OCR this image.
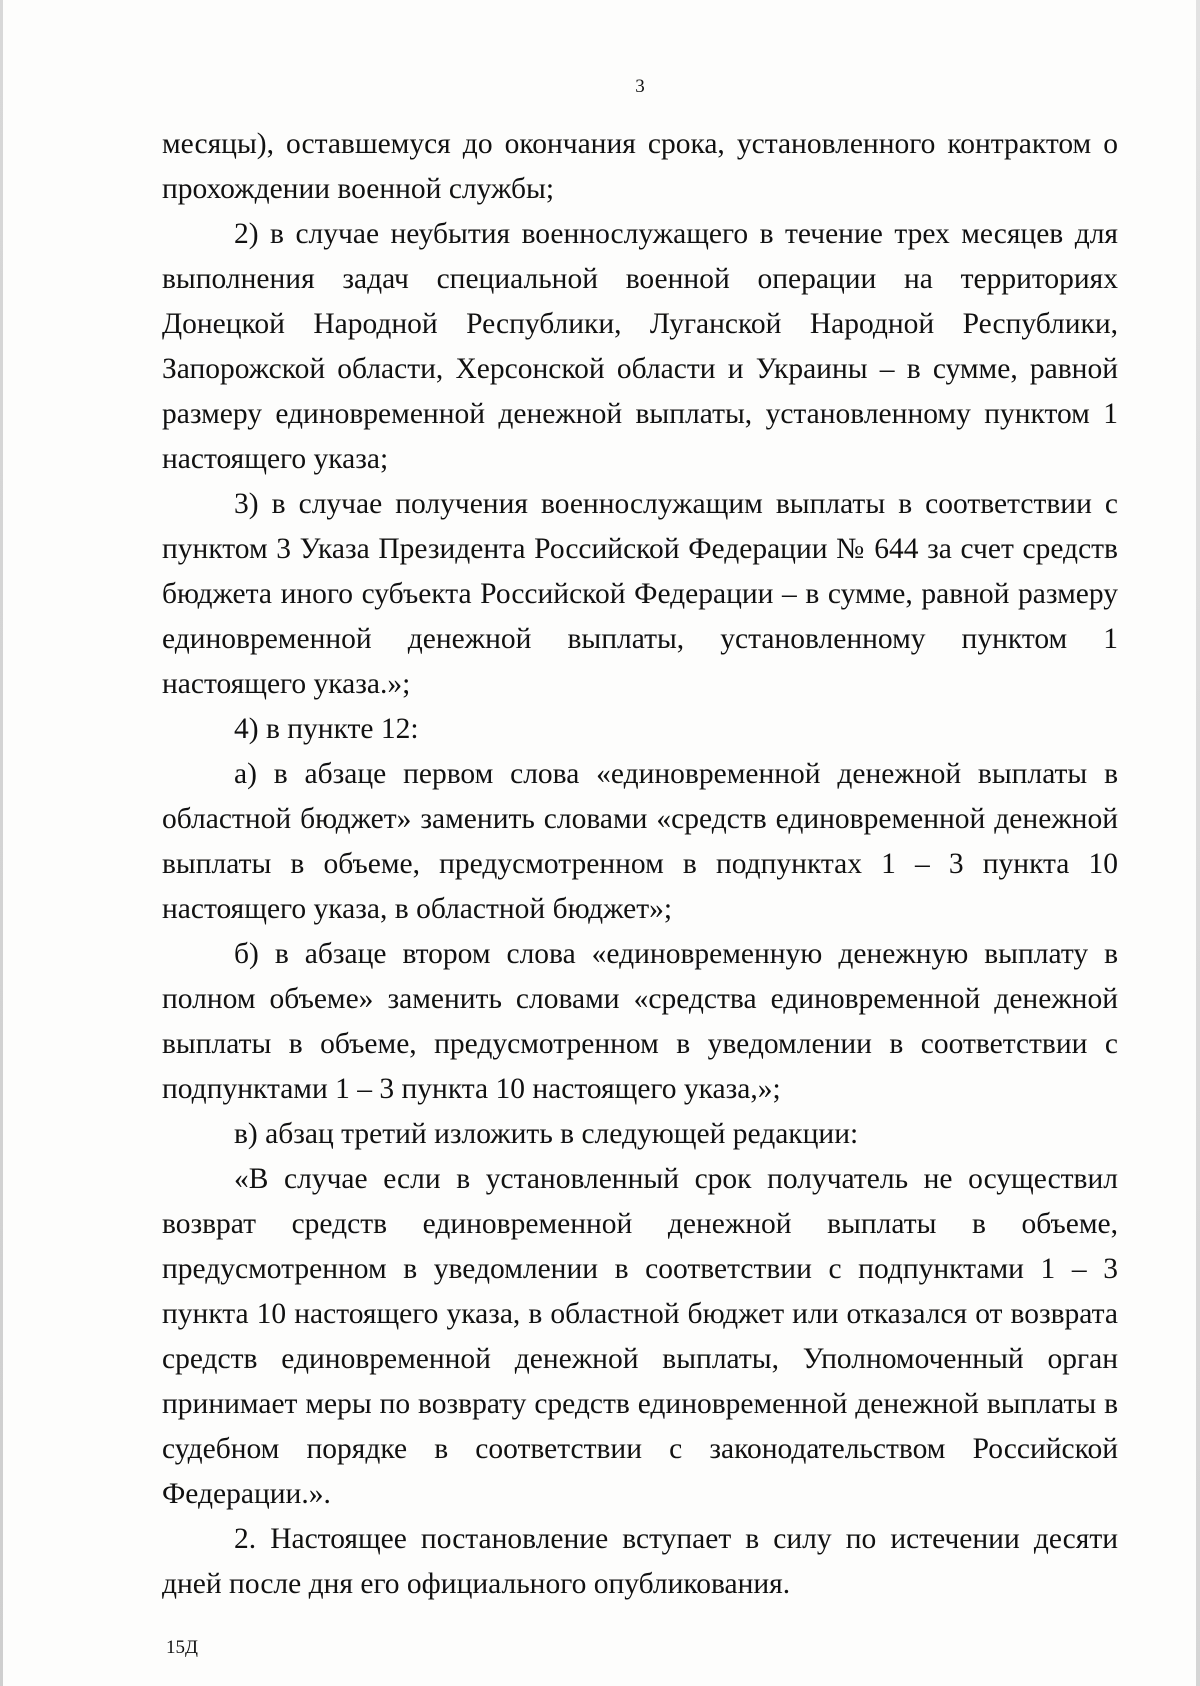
3

месяцы), оставшемуся до окончания срока, установленного контрактом о прохождении военной службы;

2) в случае неубытия военнослужащего в течение трех месяцев для выполнения задач специальной военной операции на территориях Донецкой Народной Республики, Луганской Народной Республики, Запорожской области, Херсонской области и Украины – в сумме, равной размеру единовременной денежной выплаты, установленному пунктом 1 настоящего указа;

3) в случае получения военнослужащим выплаты в соответствии с пунктом 3 Указа Президента Российской Федерации № 644 за счет средств бюджета иного субъекта Российской Федерации – в сумме, равной размеру единовременной денежной выплаты, установленному пунктом 1 настоящего указа.»;

4) в пункте 12:

а) в абзаце первом слова «единовременной денежной выплаты в областной бюджет» заменить словами «средств единовременной денежной выплаты в объеме, предусмотренном в подпунктах 1 – 3 пункта 10 настоящего указа, в областной бюджет»;

б) в абзаце втором слова «единовременную денежную выплату в полном объеме» заменить словами «средства единовременной денежной выплаты в объеме, предусмотренном в уведомлении в соответствии с подпунктами 1 – 3 пункта 10 настоящего указа,»;

в) абзац третий изложить в следующей редакции:

«В случае если в установленный срок получатель не осуществил возврат средств единовременной денежной выплаты в объеме, предусмотренном в уведомлении в соответствии с подпунктами 1 – 3 пункта 10 настоящего указа, в областной бюджет или отказался от возврата средств единовременной денежной выплаты, Уполномоченный орган принимает меры по возврату средств единовременной денежной выплаты в судебном порядке в соответствии с законодательством Российской Федерации.».

2. Настоящее постановление вступает в силу по истечении десяти дней после дня его официального опубликования.

15Д
